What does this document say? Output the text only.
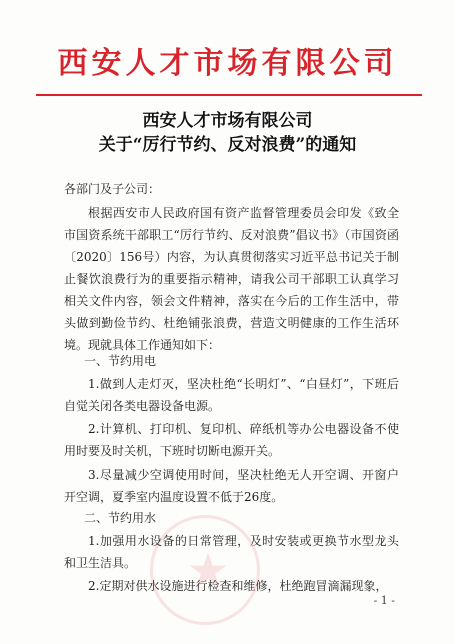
西安人才市场有限公司
西安人才市场有限公司
关于“厉行节约、反对浪费”的通知
各部门及子公司：
根据西安市人民政府国有资产监督管理委员会印发《致全市国资系统干部职工“厉行节约、反对浪费”倡议书》（市国资函〔2020〕156号）内容，为认真贯彻落实习近平总书记关于制止餐饮浪费行为的重要指示精神，请我公司干部职工认真学习相关文件内容，领会文件精神，落实在今后的工作生活中，带头做到勤俭节约、杜绝铺张浪费，营造文明健康的工作生活环境。现就具体工作通知如下：
一、节约用电
1.做到人走灯灭，坚决杜绝“长明灯”、“白昼灯”，下班后自觉关闭各类电器设备电源。
2.计算机、打印机、复印机、碎纸机等办公电器设备不使用时要及时关机，下班时切断电源开关。
3.尽量减少空调使用时间，坚决杜绝无人开空调、开窗户开空调，夏季室内温度设置不低于26度。
二、节约用水
1.加强用水设备的日常管理，及时安装或更换节水型龙头和卫生洁具。
2.定期对供水设施进行检查和维修，杜绝跑冒滴漏现象，
★
- 1 -
